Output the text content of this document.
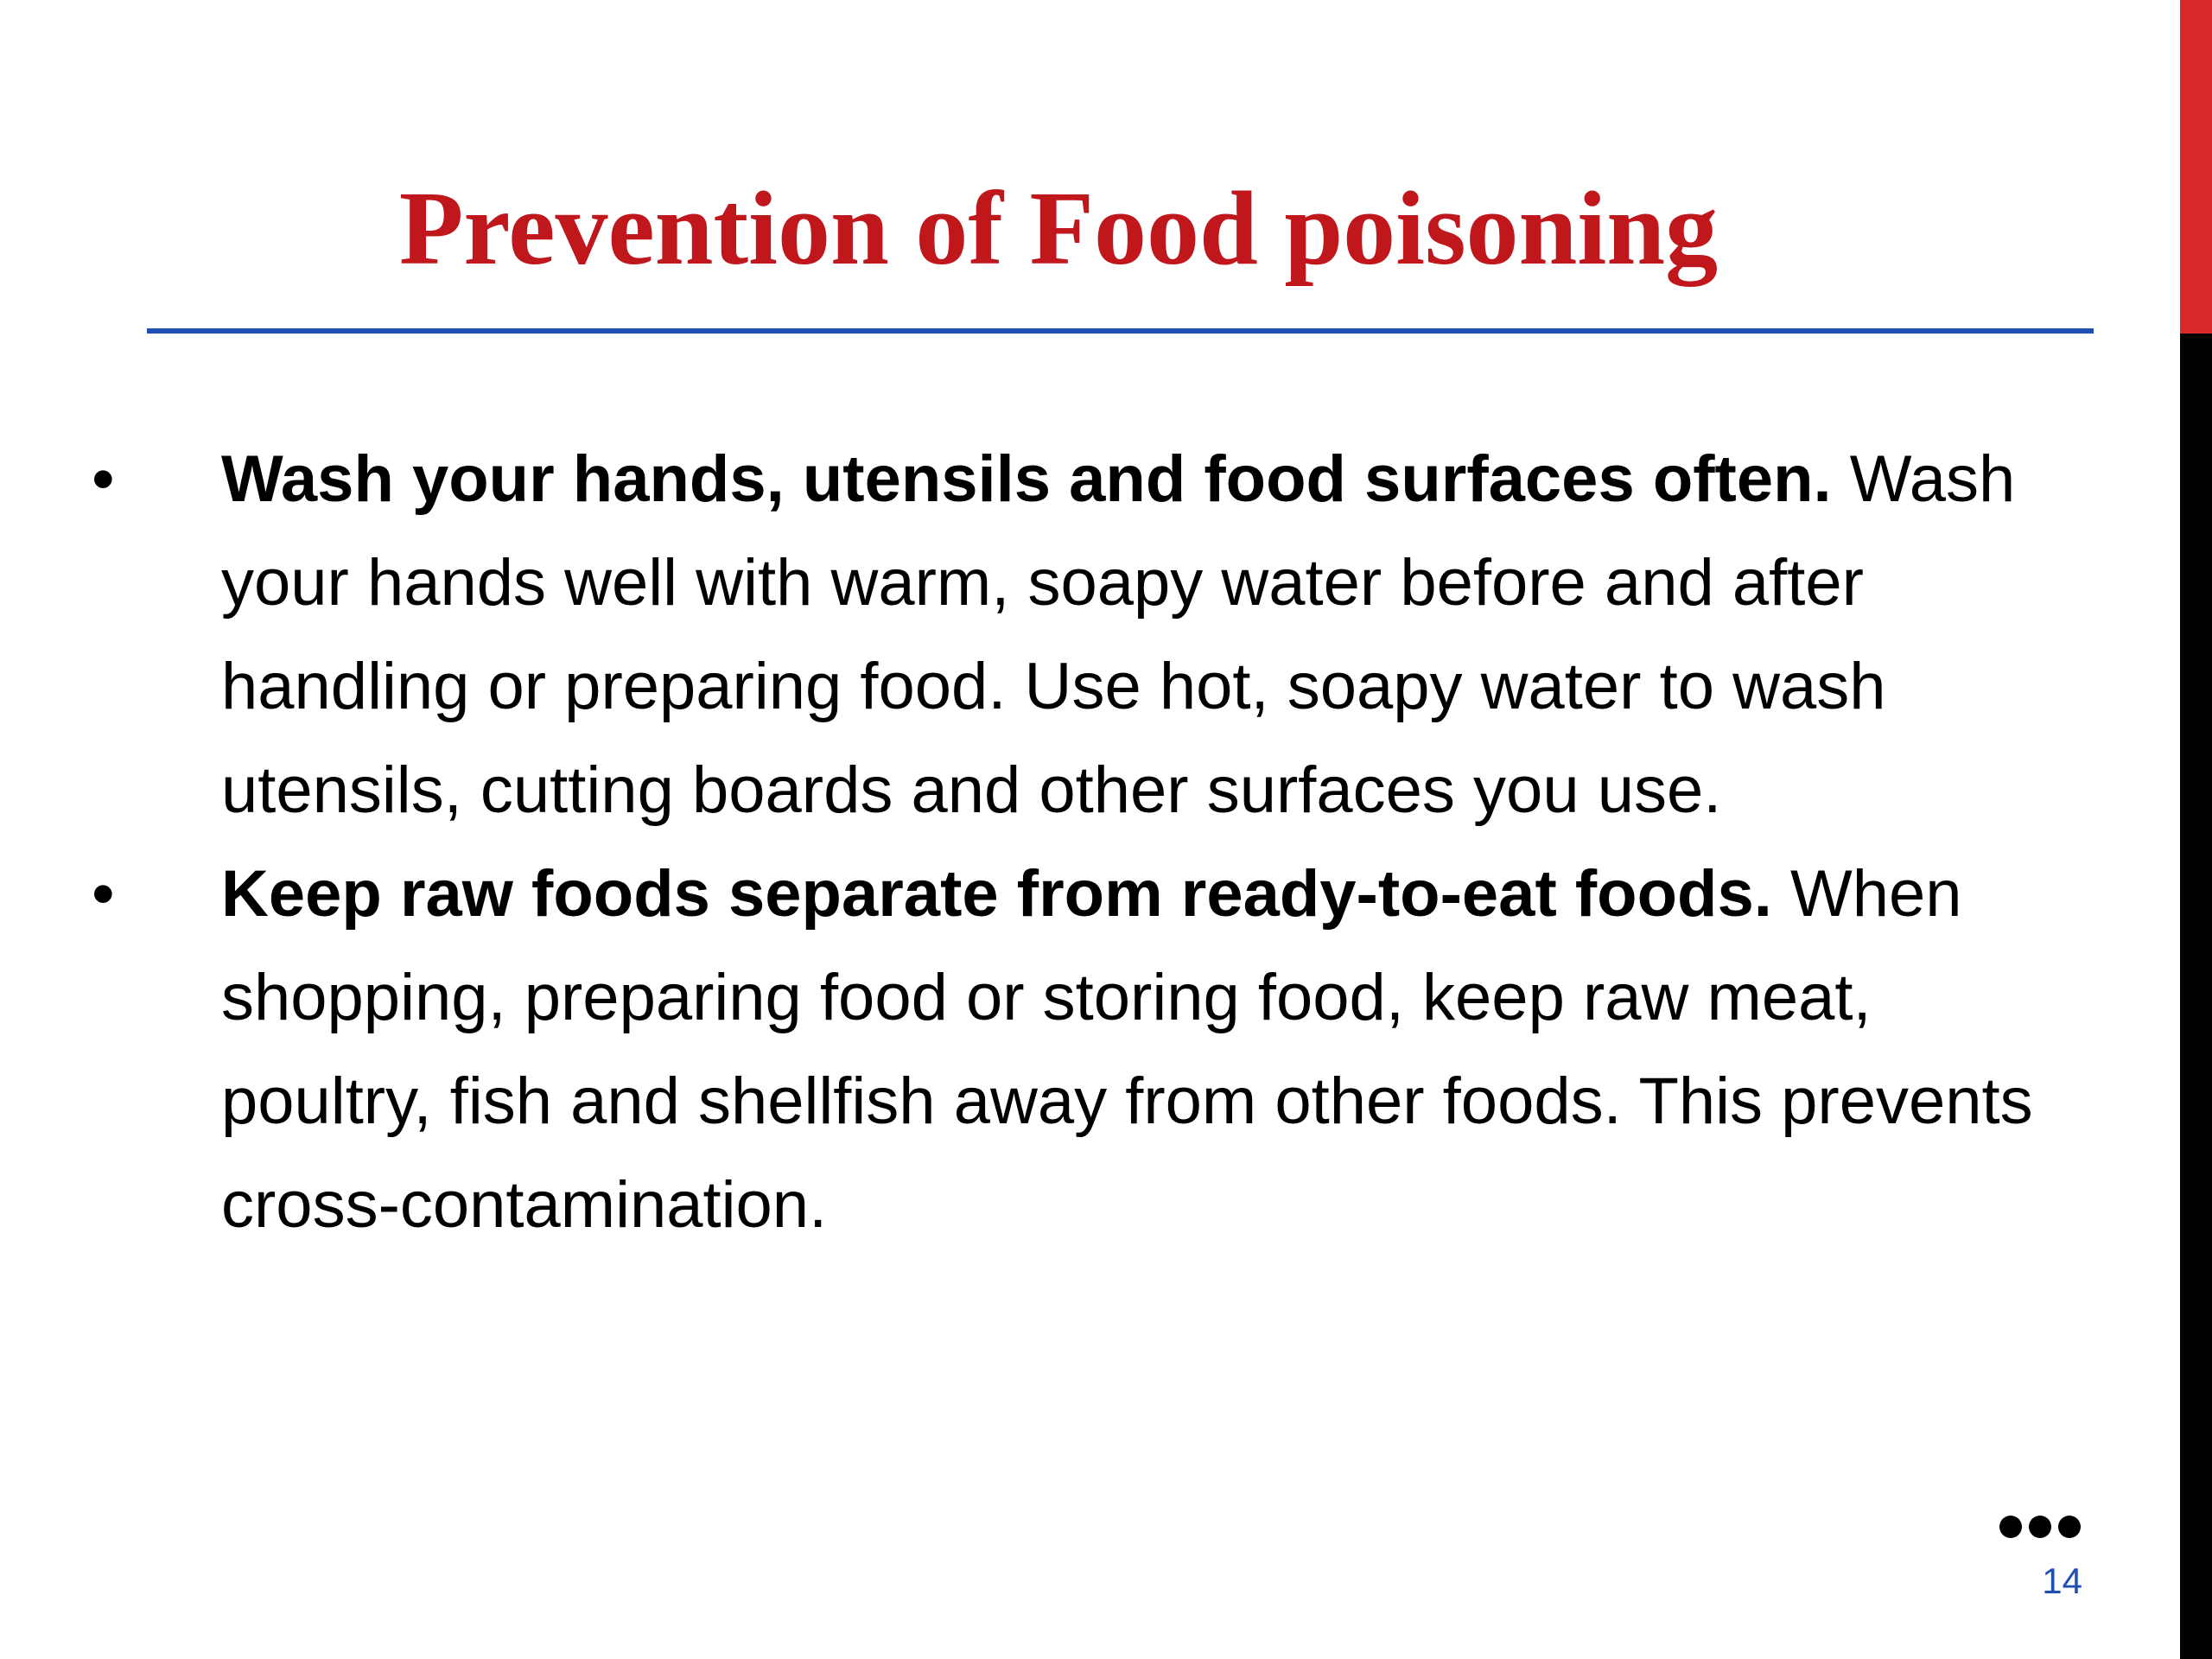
Prevention of Food poisoning
• Wash your hands, utensils and food surfaces often. Wash your hands well with warm, soapy water before and after handling or preparing food. Use hot, soapy water to wash utensils, cutting boards and other surfaces you use.
• Keep raw foods separate from ready-to-eat foods. When shopping, preparing food or storing food, keep raw meat, poultry, fish and shellfish away from other foods. This prevents cross-contamination.
14
